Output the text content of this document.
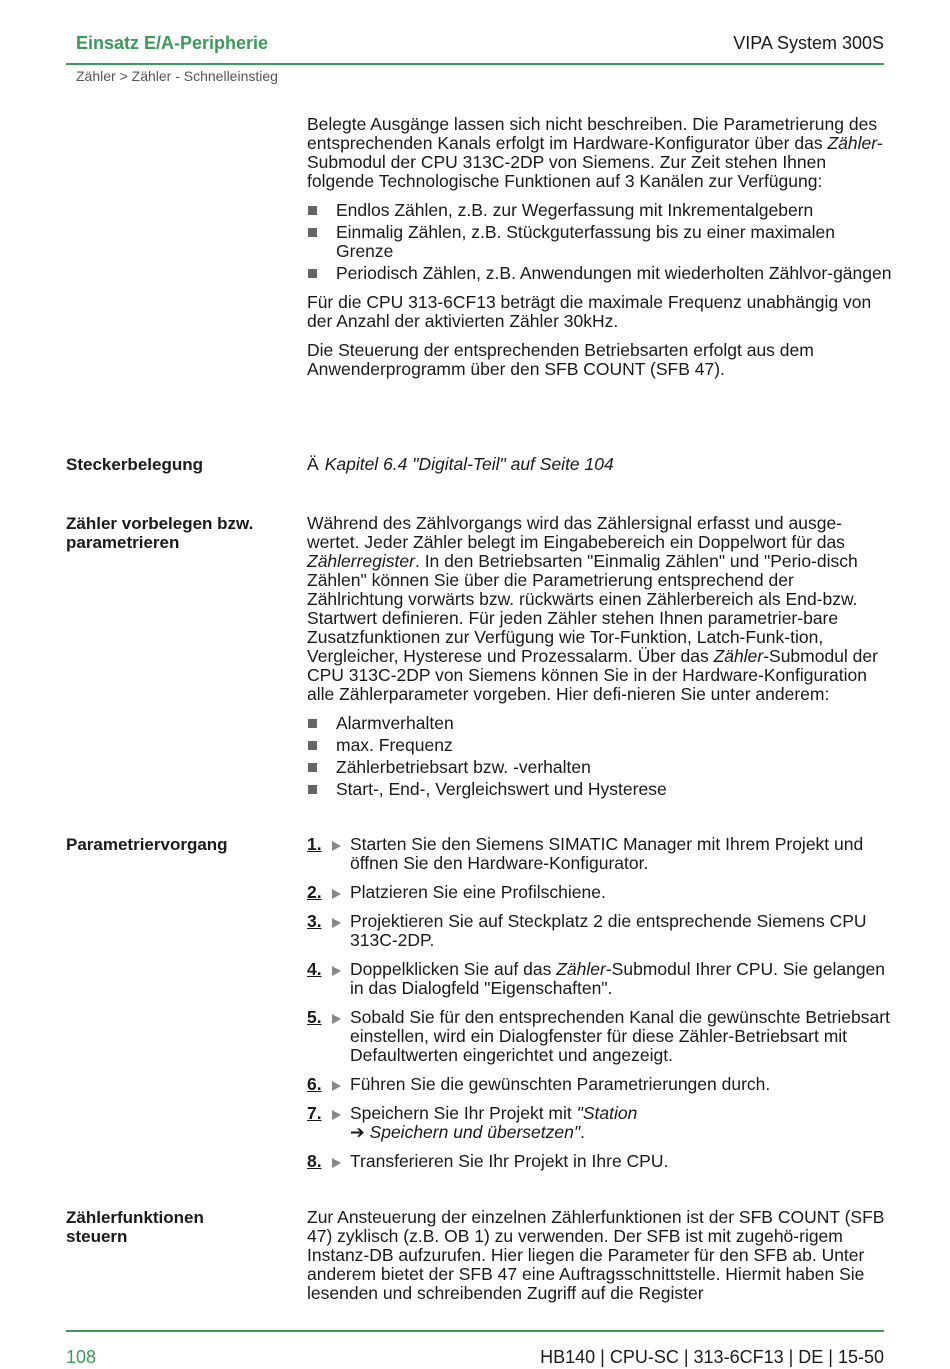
Einsatz E/A-Peripherie	VIPA System 300S
Zähler > Zähler - Schnelleinstieg

Belegte Ausgänge lassen sich nicht beschreiben. Die Parametrierung des entsprechenden Kanals erfolgt im Hardware-Konfigurator über das Zähler-Submodul der CPU 313C-2DP von Siemens. Zur Zeit stehen Ihnen folgende Technologische Funktionen auf 3 Kanälen zur Verfügung:

Endlos Zählen, z.B. zur Wegerfassung mit Inkrementalgebern
Einmalig Zählen, z.B. Stückguterfassung bis zu einer maximalen Grenze
Periodisch Zählen, z.B. Anwendungen mit wiederholten Zählvor-gängen

Für die CPU 313-6CF13 beträgt die maximale Frequenz unabhängig von der Anzahl der aktivierten Zähler 30kHz.

Die Steuerung der entsprechenden Betriebsarten erfolgt aus dem Anwenderprogramm über den SFB COUNT (SFB 47).

Steckerbelegung	Ä Kapitel 6.4 "Digital-Teil" auf Seite 104
Zähler vorbelegen bzw.
parametrieren

Während des Zählvorgangs wird das Zählersignal erfasst und ausge-wertet. Jeder Zähler belegt im Eingabebereich ein Doppelwort für das Zählerregister. In den Betriebsarten "Einmalig Zählen" und "Perio-disch Zählen" können Sie über die Parametrierung entsprechend der Zählrichtung vorwärts bzw. rückwärts einen Zählerbereich als End-bzw. Startwert definieren. Für jeden Zähler stehen Ihnen parametrier-bare Zusatzfunktionen zur Verfügung wie Tor-Funktion, Latch-Funk-tion, Vergleicher, Hysterese und Prozessalarm. Über das Zähler-Submodul der CPU 313C-2DP von Siemens können Sie in der Hardware-Konfiguration alle Zählerparameter vorgeben. Hier defi-nieren Sie unter anderem:

Alarmverhalten
max. Frequenz
Zählerbetriebsart bzw. -verhalten
Start-, End-, Vergleichswert und Hysterese
Parametriervorgang	1. Starten Sie den Siemens SIMATIC Manager mit Ihrem Projekt und öffnen Sie den Hardware-Konfigurator.
2. Platzieren Sie eine Profilschiene.
3. Projektieren Sie auf Steckplatz 2 die entsprechende Siemens CPU 313C-2DP.
4. Doppelklicken Sie auf das Zähler-Submodul Ihrer CPU. Sie gelangen in das Dialogfeld "Eigenschaften".
5. Sobald Sie für den entsprechenden Kanal die gewünschte Betriebsart einstellen, wird ein Dialogfenster für diese Zähler-Betriebsart mit Defaultwerten eingerichtet und angezeigt.
6. Führen Sie die gewünschten Parametrierungen durch.
7. Speichern Sie Ihr Projekt mit "Station
➔ Speichern und übersetzen".
8. Transferieren Sie Ihr Projekt in Ihre CPU.
Zählerfunktionen
steuern

Zur Ansteuerung der einzelnen Zählerfunktionen ist der SFB COUNT (SFB 47) zyklisch (z.B. OB 1) zu verwenden. Der SFB ist mit zugehö-rigem Instanz-DB aufzurufen. Hier liegen die Parameter für den SFB ab. Unter anderem bietet der SFB 47 eine Auftragsschnittstelle. Hiermit haben Sie lesenden und schreibenden Zugriff auf die Register

108	HB140 | CPU-SC | 313-6CF13 | DE | 15-50
